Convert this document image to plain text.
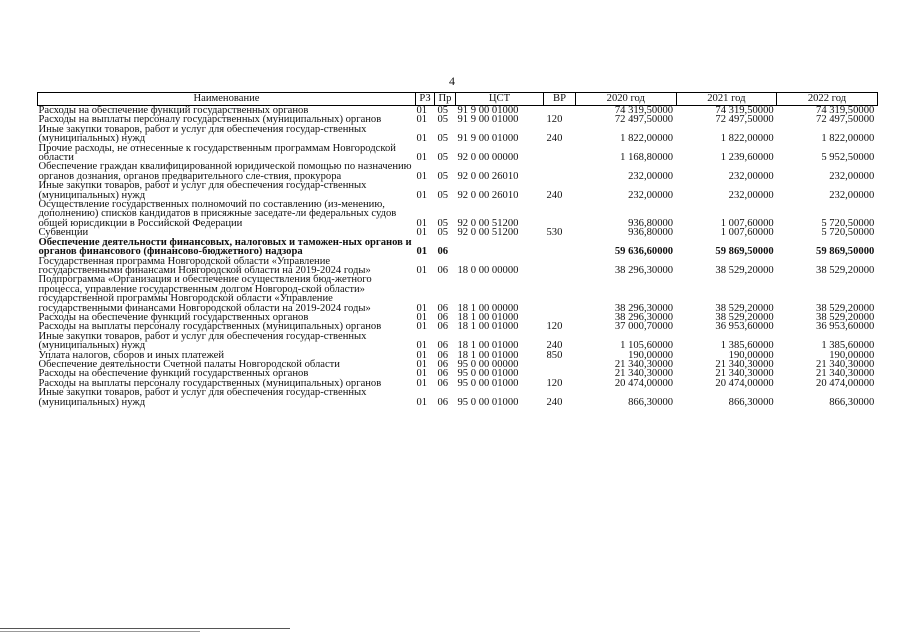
4
Наименование	РЗ	Пр	ЦСТ	ВР	2020 год	2021 год	2022 год
Расходы на обеспечение функций государственных органов	01	05	91 9 00 01000		74 319,50000	74 319,50000	74 319,50000
Расходы на выплаты персоналу государственных (муниципальных) органов	01	05	91 9 00 01000	120	72 497,50000	72 497,50000	72 497,50000
Иные закупки товаров, работ и услуг для обеспечения государ-ственных (муниципальных) нужд	01	05	91 9 00 01000	240	1 822,00000	1 822,00000	1 822,00000
Прочие расходы, не отнесенные к государственным программам Новгородской области	01	05	92 0 00 00000		1 168,80000	1 239,60000	5 952,50000
Обеспечение граждан квалифицированной юридической помощью по назначению органов дознания, органов предварительного сле-ствия, прокурора	01	05	92 0 00 26010		232,00000	232,00000	232,00000
Иные закупки товаров, работ и услуг для обеспечения государ-ственных (муниципальных) нужд	01	05	92 0 00 26010	240	232,00000	232,00000	232,00000
Осуществление государственных полномочий по составлению (из-менению, дополнению) списков кандидатов в присяжные заседате-ли федеральных судов общей юрисдикции в Российской Федерации	01	05	92 0 00 51200		936,80000	1 007,60000	5 720,50000
Субвенции	01	05	92 0 00 51200	530	936,80000	1 007,60000	5 720,50000
Обеспечение деятельности финансовых, налоговых и таможен-ных органов и органов финансового (финансово-бюджетного) надзора	01	06			59 636,60000	59 869,50000	59 869,50000
Государственная программа Новгородской области «Управление государственными финансами Новгородской области на 2019-2024 годы»	01	06	18 0 00 00000		38 296,30000	38 529,20000	38 529,20000
Подпрограмма «Организация и обеспечение осуществления бюд-жетного процесса, управление государственным долгом Новгород-ской области» государственной программы Новгородской области «Управление государственными финансами Новгородской области на 2019-2024 годы»	01	06	18 1 00 00000		38 296,30000	38 529,20000	38 529,20000
Расходы на обеспечение функций государственных органов	01	06	18 1 00 01000		38 296,30000	38 529,20000	38 529,20000
Расходы на выплаты персоналу государственных (муниципальных) органов	01	06	18 1 00 01000	120	37 000,70000	36 953,60000	36 953,60000
Иные закупки товаров, работ и услуг для обеспечения государ-ственных (муниципальных) нужд	01	06	18 1 00 01000	240	1 105,60000	1 385,60000	1 385,60000
Уплата налогов, сборов и иных платежей	01	06	18 1 00 01000	850	190,00000	190,00000	190,00000
Обеспечение деятельности Счетной палаты Новгородской области	01	06	95 0 00 00000		21 340,30000	21 340,30000	21 340,30000
Расходы на обеспечение функций государственных органов	01	06	95 0 00 01000		21 340,30000	21 340,30000	21 340,30000
Расходы на выплаты персоналу государственных (муниципальных) органов	01	06	95 0 00 01000	120	20 474,00000	20 474,00000	20 474,00000
Иные закупки товаров, работ и услуг для обеспечения государ-ственных (муниципальных) нужд	01	06	95 0 00 01000	240	866,30000	866,30000	866,30000
